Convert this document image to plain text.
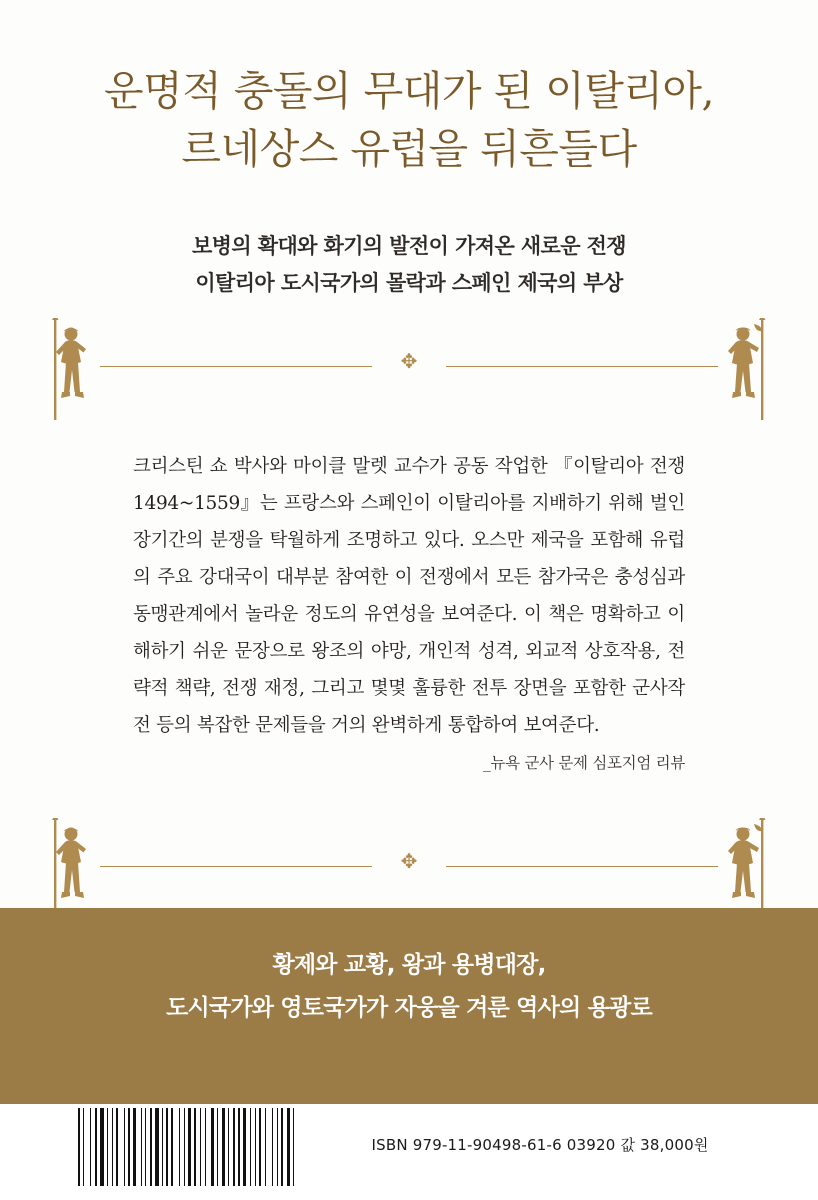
운명적 충돌의 무대가 된 이탈리아,
르네상스 유럽을 뒤흔들다
보병의 확대와 화기의 발전이 가져온 새로운 전쟁
이탈리아 도시국가의 몰락과 스페인 제국의 부상
✥
크리스틴 쇼 박사와 마이클 말렛 교수가 공동 작업한 『이탈리아 전쟁 1494~1559』는 프랑스와 스페인이 이탈리아를 지배하기 위해 벌인 장기간의 분쟁을 탁월하게 조명하고 있다. 오스만 제국을 포함해 유럽의 주요 강대국이 대부분 참여한 이 전쟁에서 모든 참가국은 충성심과 동맹관계에서 놀라운 정도의 유연성을 보여준다. 이 책은 명확하고 이해하기 쉬운 문장으로 왕조의 야망, 개인적 성격, 외교적 상호작용, 전략적 책략, 전쟁 재정, 그리고 몇몇 훌륭한 전투 장면을 포함한 군사작전 등의 복잡한 문제들을 거의 완벽하게 통합하여 보여준다.
_뉴욕 군사 문제 심포지엄 리뷰
✥
황제와 교황, 왕과 용병대장,
도시국가와 영토국가가 자웅을 겨룬 역사의 용광로
ISBN 979-11-90498-61-6 03920 값 38,000원
